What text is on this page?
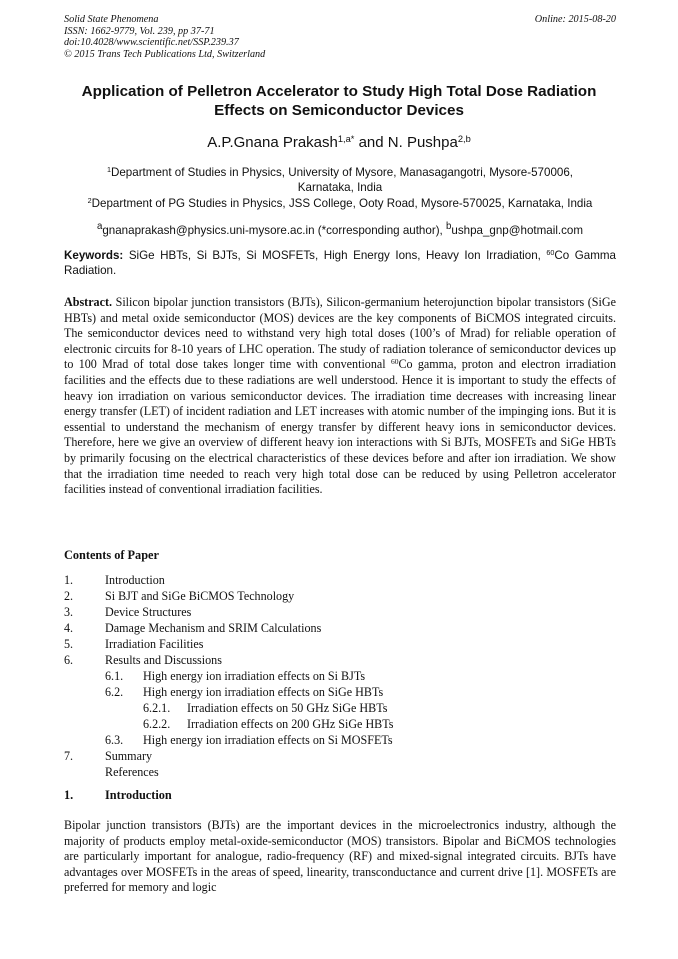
Solid State Phenomena
ISSN: 1662-9779, Vol. 239, pp 37-71
doi:10.4028/www.scientific.net/SSP.239.37
© 2015 Trans Tech Publications Ltd, Switzerland
Online: 2015-08-20
Application of Pelletron Accelerator to Study High Total Dose Radiation
Effects on Semiconductor Devices
A.P.Gnana Prakash$^{1,a*}$ and N. Pushpa$^{2,b}$
$^1$Department of Studies in Physics, University of Mysore, Manasagangotri, Mysore-570006,
Karnataka, India
$^2$Department of PG Studies in Physics, JSS College, Ooty Road, Mysore-570025, Karnataka, India
$^a$gnanaprakash@physics.uni-mysore.ac.in (*corresponding author), $^b$ushpa_gnp@hotmail.com
Keywords: SiGe HBTs, Si BJTs, Si MOSFETs, High Energy Ions, Heavy Ion Irradiation, $^{60}$Co Gamma Radiation.
Abstract. Silicon bipolar junction transistors (BJTs), Silicon-germanium heterojunction bipolar transistors (SiGe HBTs) and metal oxide semiconductor (MOS) devices are the key components of BiCMOS integrated circuits. The semiconductor devices need to withstand very high total doses (100’s of Mrad) for reliable operation of electronic circuits for 8-10 years of LHC operation. The study of radiation tolerance of semiconductor devices up to 100 Mrad of total dose takes longer time with conventional $^{60}$Co gamma, proton and electron irradiation facilities and the effects due to these radiations are well understood. Hence it is important to study the effects of heavy ion irradiation on various semiconductor devices. The irradiation time decreases with increasing linear energy transfer (LET) of incident radiation and LET increases with atomic number of the impinging ions. But it is essential to understand the mechanism of energy transfer by different heavy ions in semiconductor devices. Therefore, here we give an overview of different heavy ion interactions with Si BJTs, MOSFETs and SiGe HBTs by primarily focusing on the electrical characteristics of these devices before and after ion irradiation. We show that the irradiation time needed to reach very high total dose can be reduced by using Pelletron accelerator facilities instead of conventional irradiation facilities.
Contents of Paper
1.	Introduction
2.	Si BJT and SiGe BiCMOS Technology
3.	Device Structures
4.	Damage Mechanism and SRIM Calculations
5.	Irradiation Facilities
6.	Results and Discussions
6.1. High energy ion irradiation effects on Si BJTs
6.2. High energy ion irradiation effects on SiGe HBTs
6.2.1. Irradiation effects on 50 GHz SiGe HBTs
6.2.2. Irradiation effects on 200 GHz SiGe HBTs
6.3. High energy ion irradiation effects on Si MOSFETs
7.	Summary
References
1.	Introduction
Bipolar junction transistors (BJTs) are the important devices in the microelectronics industry, although the majority of products employ metal-oxide-semiconductor (MOS) transistors. Bipolar and BiCMOS technologies are particularly important for analogue, radio-frequency (RF) and mixed-signal integrated circuits. BJTs have advantages over MOSFETs in the areas of speed, linearity, transconductance and current drive [1]. MOSFETs are preferred for memory and logic
